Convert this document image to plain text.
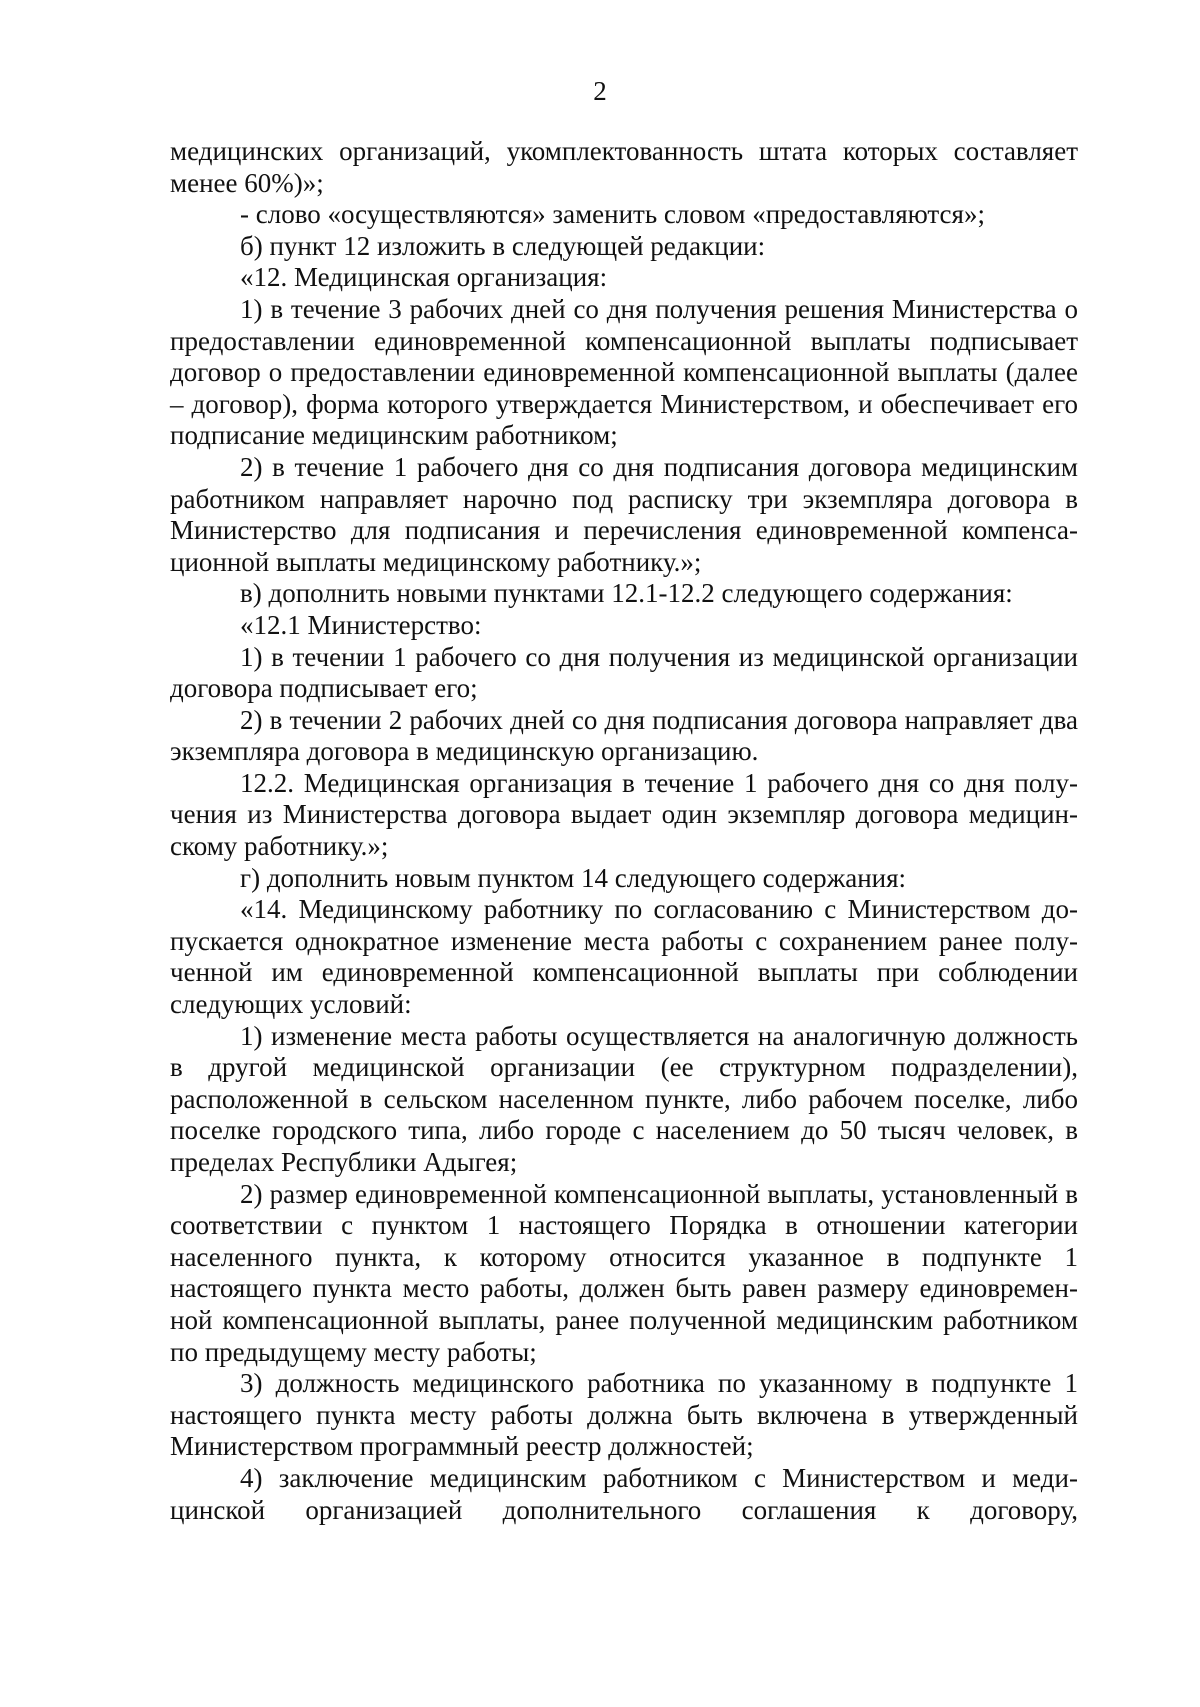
2

медицинских организаций, укомплектованность штата которых составляет менее 60%)»;

- слово «осуществляются» заменить словом «предоставляются»;

б) пункт 12 изложить в следующей редакции:

«12. Медицинская организация:

1) в течение 3 рабочих дней со дня получения решения Министерства о предоставлении единовременной компенсационной выплаты подписывает договор о предоставлении единовременной компенсационной выплаты (далее – договор), форма которого утверждается Министерством, и обеспечивает его подписание медицинским работником;

2) в течение 1 рабочего дня со дня подписания договора медицинским работником направляет нарочно под расписку три экземпляра договора в Министерство для подписания и перечисления единовременной компенсационной выплаты медицинскому работнику.»;

в) дополнить новыми пунктами 12.1-12.2 следующего содержания:

«12.1 Министерство:

1) в течении 1 рабочего со дня получения из медицинской организации договора подписывает его;

2) в течении 2 рабочих дней со дня подписания договора направляет два экземпляра договора в медицинскую организацию.

12.2. Медицинская организация в течение 1 рабочего дня со дня получения из Министерства договора выдает один экземпляр договора медицинскому работнику.»;

г) дополнить новым пунктом 14 следующего содержания:

«14. Медицинскому работнику по согласованию с Министерством допускается однократное изменение места работы с сохранением ранее полученной им единовременной компенсационной выплаты при соблюдении следующих условий:

1) изменение места работы осуществляется на аналогичную должность в другой медицинской организации (ее структурном подразделении), расположенной в сельском населенном пункте, либо рабочем поселке, либо поселке городского типа, либо городе с населением до 50 тысяч человек, в пределах Республики Адыгея;

2) размер единовременной компенсационной выплаты, установленный в соответствии с пунктом 1 настоящего Порядка в отношении категории населенного пункта, к которому относится указанное в подпункте 1 настоящего пункта место работы, должен быть равен размеру единовременной компенсационной выплаты, ранее полученной медицинским работником по предыдущему месту работы;

3) должность медицинского работника по указанному в подпункте 1 настоящего пункта месту работы должна быть включена в утвержденный Министерством программный реестр должностей;

4) заключение медицинским работником с Министерством и медицинской организацией дополнительного соглашения к договору,
